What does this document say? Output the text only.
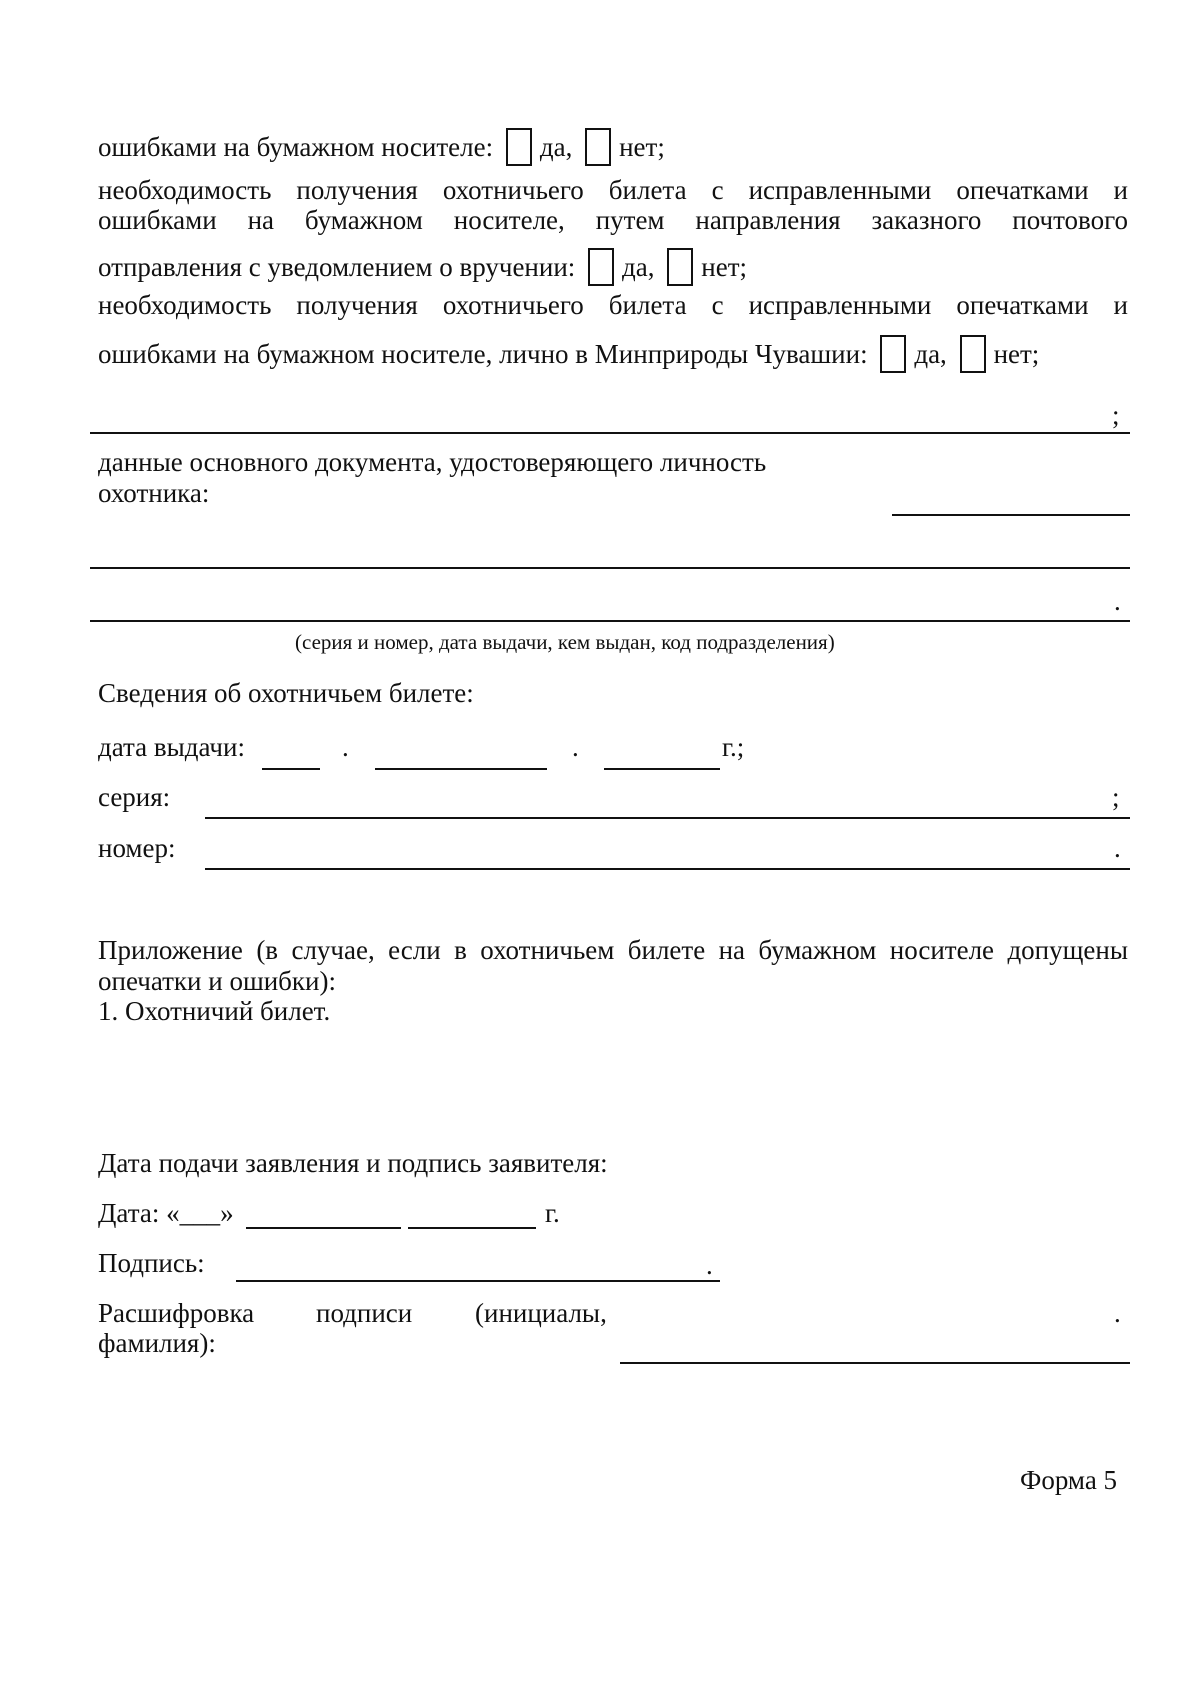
ошибками на бумажном носителе: да, нет;
необходимость получения охотничьего билета с исправленными опечатками и
ошибками на бумажном носителе, путем направления заказного почтового
отправления с уведомлением о вручении: да, нет;
необходимость получения охотничьего билета с исправленными опечатками и
ошибками на бумажном носителе, лично в Минприроды Чувашии: да, нет;
;
данные основного документа, удостоверяющего личность
охотника:
.
(серия и номер, дата выдачи, кем выдан, код подразделения)
Сведения об охотничьем билете:
дата выдачи:	.	.	г.;
серия:	;
номер:	.
Приложение (в случае, если в охотничьем билете на бумажном носителе допущены
опечатки и ошибки):
1. Охотничий билет.
Дата подачи заявления и подпись заявителя:
Дата: «___»	г.
Подпись:	.
Расшифровка подписи (инициалы,
фамилия):
.
Форма 5
